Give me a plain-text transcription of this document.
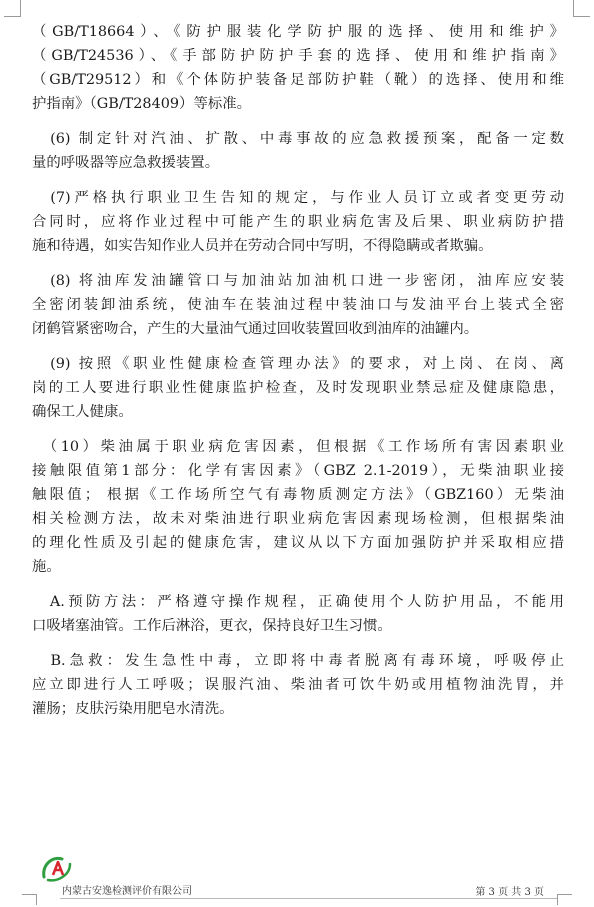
（GB/T18664）、《防护服装化学防护服的选择、使用和维护》
（GB/T24536）、《手部防护防护手套的选择、使用和维护指南》
（GB/T29512）和《个体防护装备足部防护鞋（靴）的选择、使用和维
护指南》（GB/T28409）等标准。
　(6) 制定针对汽油、扩散、中毒事故的应急救援预案，配备一定数
量的呼吸器等应急救援装置。
　(7)严格执行职业卫生告知的规定，与作业人员订立或者变更劳动
合同时，应将作业过程中可能产生的职业病危害及后果、职业病防护措
施和待遇，如实告知作业人员并在劳动合同中写明，不得隐瞒或者欺骗。
　(8) 将油库发油罐管口与加油站加油机口进一步密闭，油库应安装
全密闭装卸油系统，使油车在装油过程中装油口与发油平台上装式全密
闭鹤管紧密吻合，产生的大量油气通过回收装置回收到油库的油罐内。
　(9) 按照《职业性健康检查管理办法》的要求，对上岗、在岗、离
岗的工人要进行职业性健康监护检查，及时发现职业禁忌症及健康隐患，
确保工人健康。
　（10）柴油属于职业病危害因素，但根据《工作场所有害因素职业
接触限值第1部分：化学有害因素》（GBZ 2.1-2019），无柴油职业接
触限值； 根据《工作场所空气有毒物质测定方法》（GBZ160）无柴油
相关检测方法，故未对柴油进行职业病危害因素现场检测，但根据柴油
的理化性质及引起的健康危害，建议从以下方面加强防护并采取相应措
施。
　A.预防方法：严格遵守操作规程，正确使用个人防护用品，不能用
口吸堵塞油管。工作后淋浴，更衣，保持良好卫生习惯。
　B.急救：发生急性中毒，立即将中毒者脱离有毒环境，呼吸停止
应立即进行人工呼吸；误服汽油、柴油者可饮牛奶或用植物油洗胃，并
灌肠；皮肤污染用肥皂水清洗。
内蒙古安逸检测评价有限公司	第 3 页 共 3 页
